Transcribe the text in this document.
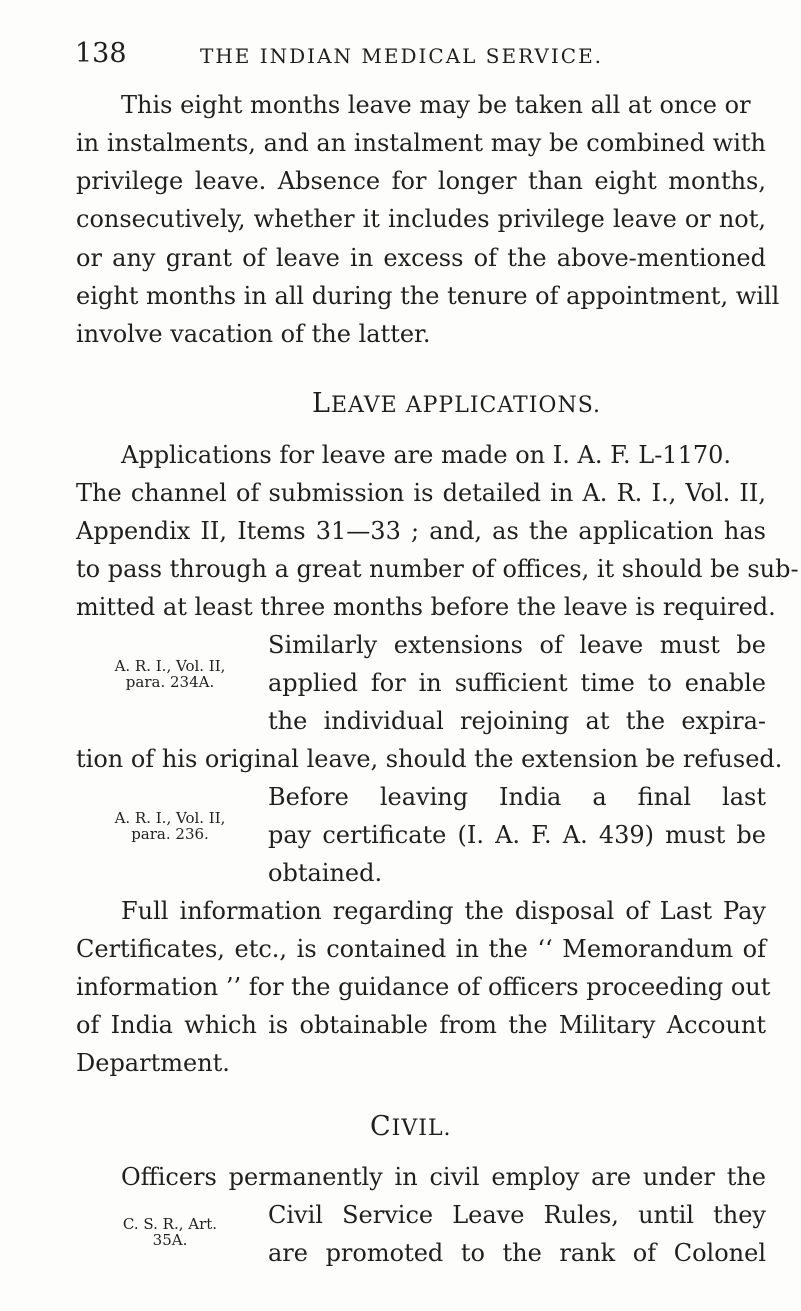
138	THE INDIAN MEDICAL SERVICE.
This eight months leave may be taken all at once or
in instalments, and an instalment may be combined with
privilege leave. Absence for longer than eight months,
consecutively, whether it includes privilege leave or not,
or any grant of leave in excess of the above-mentioned
eight months in all during the tenure of appointment, will
involve vacation of the latter.
LEAVE APPLICATIONS.
Applications for leave are made on I. A. F. L-1170.
The channel of submission is detailed in A. R. I., Vol. II,
Appendix II, Items 31—33 ; and, as the application has
to pass through a great number of offices, it should be sub-
mitted at least three months before the leave is required.
Similarly extensions of leave must be
applied for in sufficient time to enable
the individual rejoining at the expira-
tion of his original leave, should the extension be refused.
Before leaving India a final last
pay certificate (I. A. F. A. 439) must be
obtained.
Full information regarding the disposal of Last Pay
Certificates, etc., is contained in the ‘‘ Memorandum of
information ’’ for the guidance of officers proceeding out
of India which is obtainable from the Military Account
Department.
A. R. I., Vol. II,
para. 234A.
A. R. I., Vol. II,
para. 236.
CIVIL.
Officers permanently in civil employ are under the
Civil Service Leave Rules, until they
are promoted to the rank of Colonel
C. S. R., Art.
35A.
